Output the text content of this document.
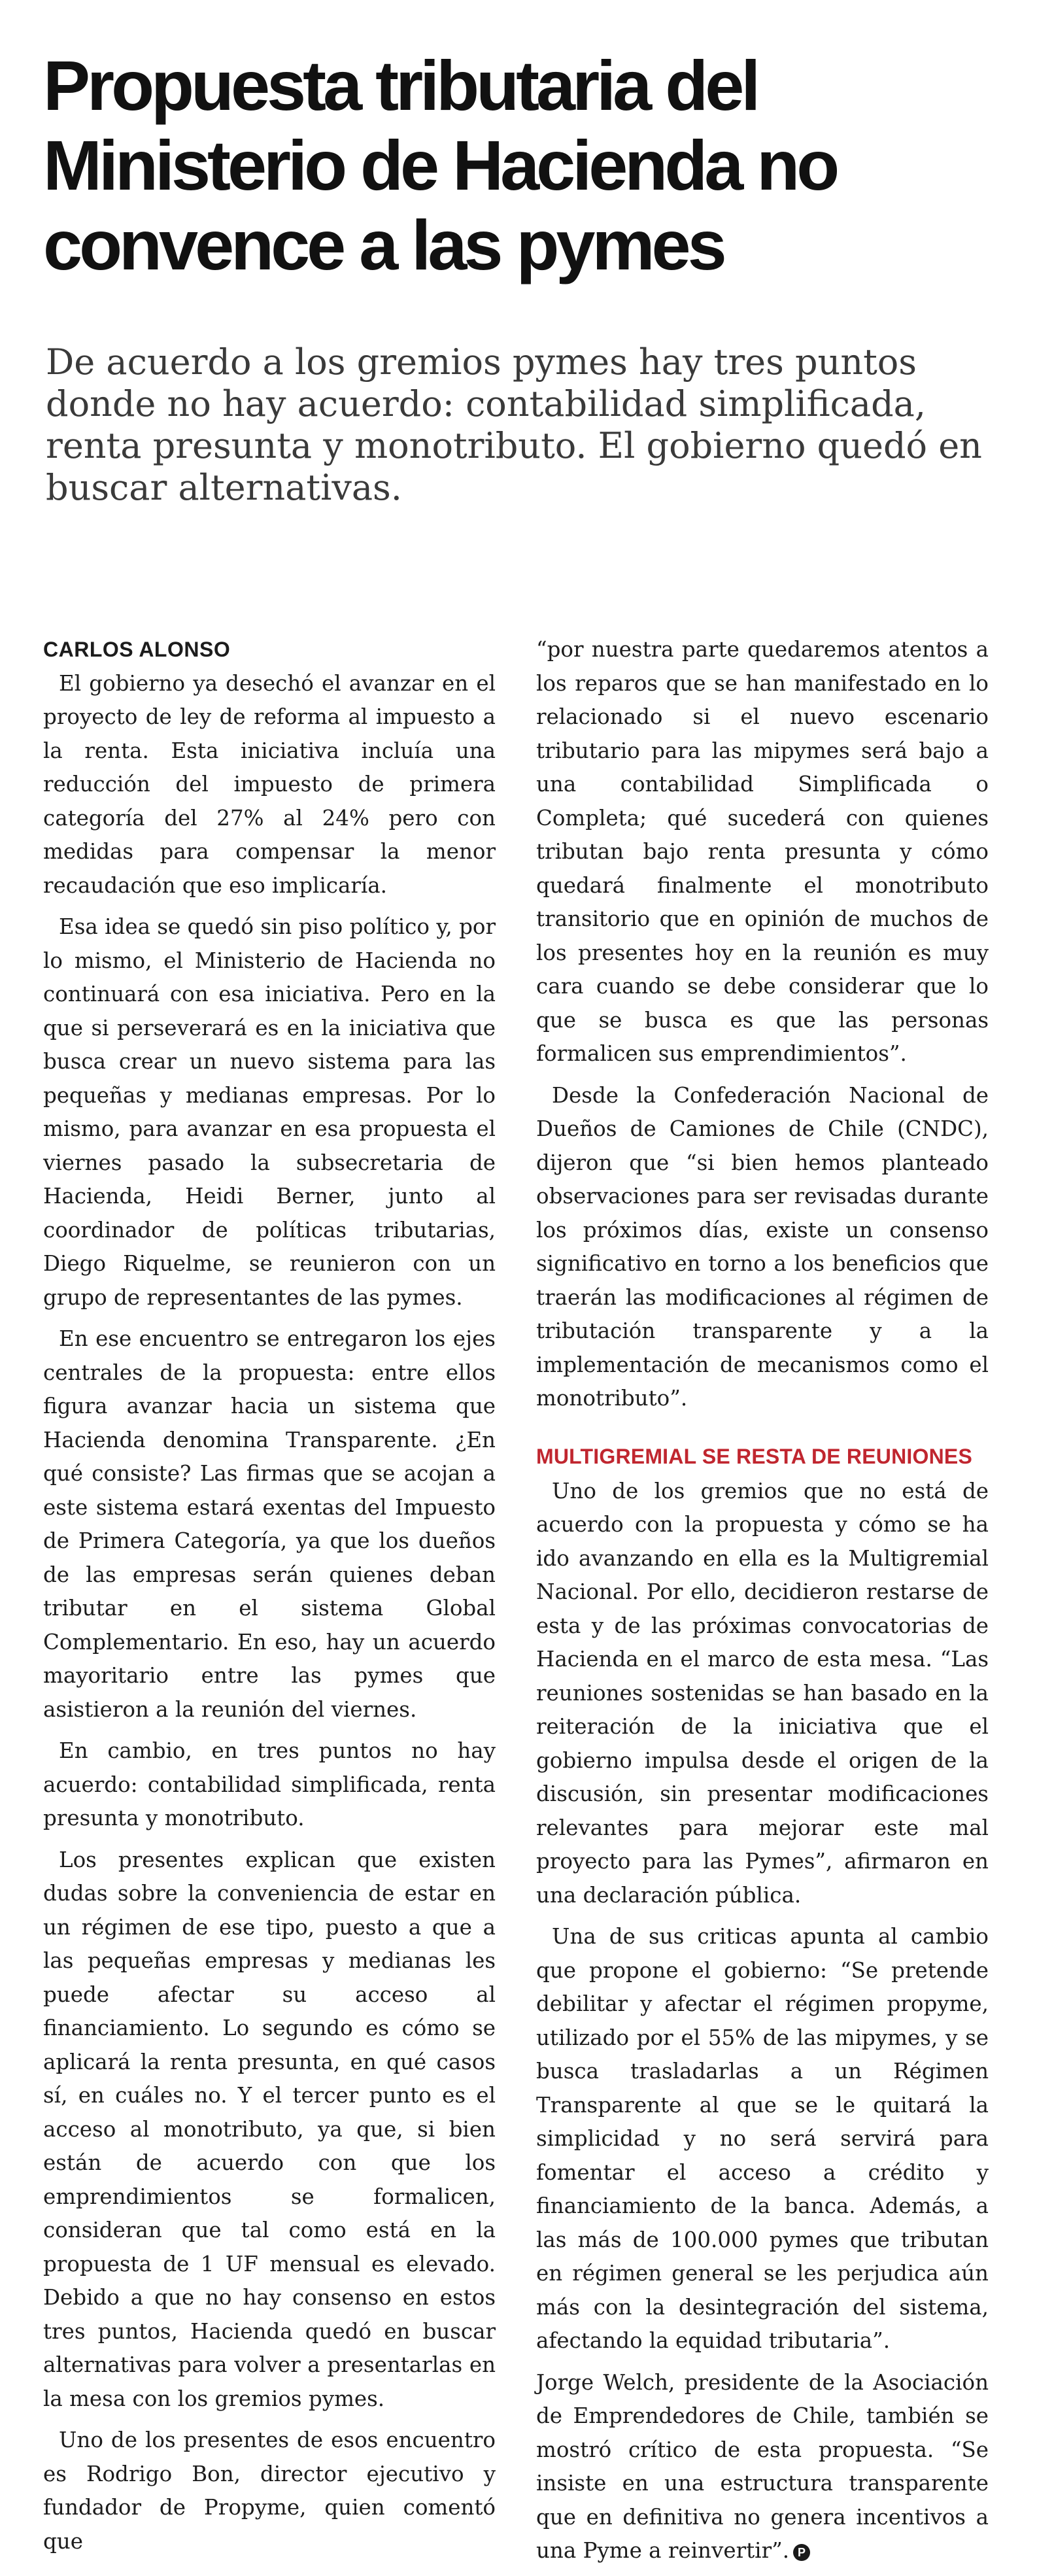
Propuesta tributaria del Ministerio de Hacienda no convence a las pymes

De acuerdo a los gremios pymes hay tres puntos donde no hay acuerdo: contabilidad simplificada, renta presunta y monotributo. El gobierno quedó en buscar alternativas.

CARLOS ALONSO

El gobierno ya desechó el avanzar en el proyecto de ley de reforma al impuesto a la renta. Esta iniciativa incluía una reducción del impuesto de primera categoría del 27% al 24% pero con medidas para compensar la menor recaudación que eso implicaría.

Esa idea se quedó sin piso político y, por lo mismo, el Ministerio de Hacienda no continuará con esa iniciativa. Pero en la que si perseverará es en la iniciativa que busca crear un nuevo sistema para las pequeñas y medianas empresas. Por lo mismo, para avanzar en esa propuesta el viernes pasado la subsecretaria de Hacienda, Heidi Berner, junto al coordinador de políticas tributarias, Diego Riquelme, se reunieron con un grupo de representantes de las pymes.

En ese encuentro se entregaron los ejes centrales de la propuesta: entre ellos figura avanzar hacia un sistema que Hacienda denomina Transparente. ¿En qué consiste? Las firmas que se acojan a este sistema estará exentas del Impuesto de Primera Categoría, ya que los dueños de las empresas serán quienes deban tributar en el sistema Global Complementario. En eso, hay un acuerdo mayoritario entre las pymes que asistieron a la reunión del viernes.

En cambio, en tres puntos no hay acuerdo: contabilidad simplificada, renta presunta y monotributo.

Los presentes explican que existen dudas sobre la conveniencia de estar en un régimen de ese tipo, puesto a que a las pequeñas empresas y medianas les puede afectar su acceso al financiamiento. Lo segundo es cómo se aplicará la renta presunta, en qué casos sí, en cuáles no. Y el tercer punto es el acceso al monotributo, ya que, si bien están de acuerdo con que los emprendimientos se formalicen, consideran que tal como está en la propuesta de 1 UF mensual es elevado. Debido a que no hay consenso en estos tres puntos, Hacienda quedó en buscar alternativas para volver a presentarlas en la mesa con los gremios pymes.

Uno de los presentes de esos encuentro es Rodrigo Bon, director ejecutivo y fundador de Propyme, quien comentó que

“por nuestra parte quedaremos atentos a los reparos que se han manifestado en lo relacionado si el nuevo escenario tributario para las mipymes será bajo a una contabilidad Simplificada o Completa; qué sucederá con quienes tributan bajo renta presunta y cómo quedará finalmente el monotributo transitorio que en opinión de muchos de los presentes hoy en la reunión es muy cara cuando se debe considerar que lo que se busca es que las personas formalicen sus emprendimientos”.

Desde la Confederación Nacional de Dueños de Camiones de Chile (CNDC), dijeron que “si bien hemos planteado observaciones para ser revisadas durante los próximos días, existe un consenso significativo en torno a los beneficios que traerán las modificaciones al régimen de tributación transparente y a la implementación de mecanismos como el monotributo”.

MULTIGREMIAL SE RESTA DE REUNIONES

Uno de los gremios que no está de acuerdo con la propuesta y cómo se ha ido avanzando en ella es la Multigremial Nacional. Por ello, decidieron restarse de esta y de las próximas convocatorias de Hacienda en el marco de esta mesa. “Las reuniones sostenidas se han basado en la reiteración de la iniciativa que el gobierno impulsa desde el origen de la discusión, sin presentar modificaciones relevantes para mejorar este mal proyecto para las Pymes”, afirmaron en una declaración pública.

Una de sus criticas apunta al cambio que propone el gobierno: “Se pretende debilitar y afectar el régimen propyme, utilizado por el 55% de las mipymes, y se busca trasladarlas a un Régimen Transparente al que se le quitará la simplicidad y no será servirá para fomentar el acceso a crédito y financiamiento de la banca. Además, a las más de 100.000 pymes que tributan en régimen general se les perjudica aún más con la desintegración del sistema, afectando la equidad tributaria”.

Jorge Welch, presidente de la Asociación de Emprendedores de Chile, también se mostró crítico de esta propuesta. “Se insiste en una estructura transparente que en definitiva no genera incentivos a una Pyme a reinvertir”. P
